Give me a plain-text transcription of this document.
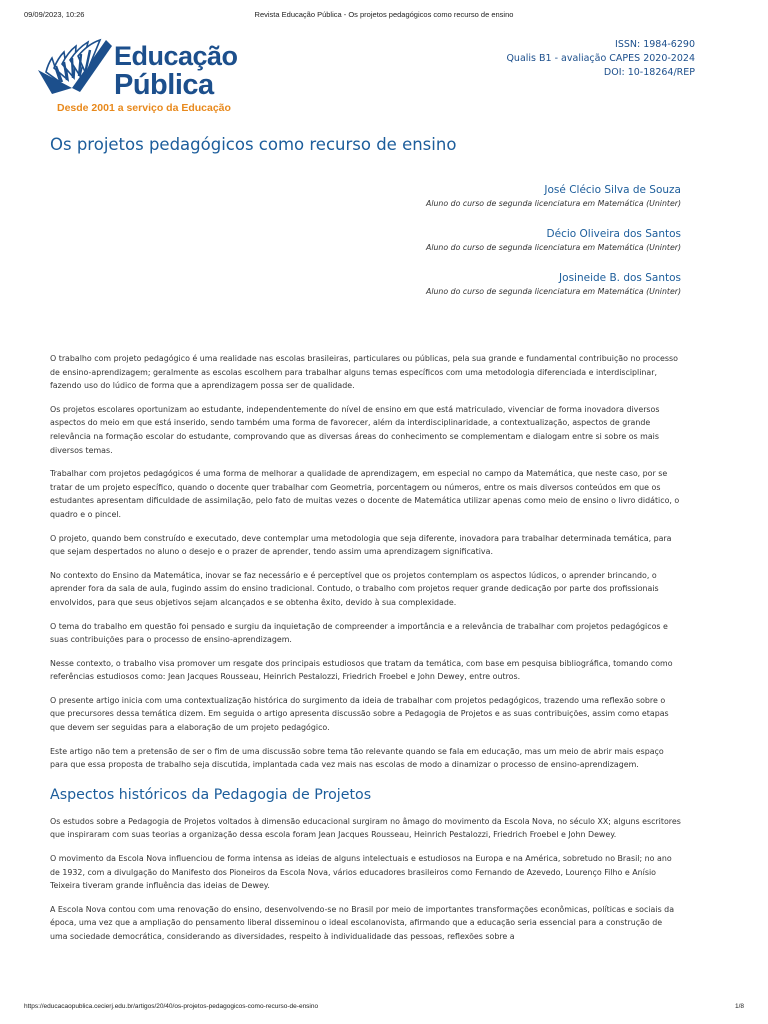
09/09/2023, 10:26	Revista Educação Pública - Os projetos pedagógicos como recurso de ensino
Educação
Pública
Desde 2001 a serviço da Educação
ISSN: 1984-6290
Qualis B1 - avaliação CAPES 2020-2024
DOI: 10-18264/REP
Os projetos pedagógicos como recurso de ensino
José Clécio Silva de Souza
Aluno do curso de segunda licenciatura em Matemática (Uninter)
Décio Oliveira dos Santos
Aluno do curso de segunda licenciatura em Matemática (Uninter)
Josineide B. dos Santos
Aluno do curso de segunda licenciatura em Matemática (Uninter)

O trabalho com projeto pedagógico é uma realidade nas escolas brasileiras, particulares ou públicas, pela sua grande e fundamental contribuição no processo de ensino-aprendizagem; geralmente as escolas escolhem para trabalhar alguns temas específicos com uma metodologia diferenciada e interdisciplinar, fazendo uso do lúdico de forma que a aprendizagem possa ser de qualidade.

Os projetos escolares oportunizam ao estudante, independentemente do nível de ensino em que está matriculado, vivenciar de forma inovadora diversos aspectos do meio em que está inserido, sendo também uma forma de favorecer, além da interdisciplinaridade, a contextualização, aspectos de grande relevância na formação escolar do estudante, comprovando que as diversas áreas do conhecimento se complementam e dialogam entre si sobre os mais diversos temas.

Trabalhar com projetos pedagógicos é uma forma de melhorar a qualidade de aprendizagem, em especial no campo da Matemática, que neste caso, por se tratar de um projeto específico, quando o docente quer trabalhar com Geometria, porcentagem ou números, entre os mais diversos conteúdos em que os estudantes apresentam dificuldade de assimilação, pelo fato de muitas vezes o docente de Matemática utilizar apenas como meio de ensino o livro didático, o quadro e o pincel.

O projeto, quando bem construído e executado, deve contemplar uma metodologia que seja diferente, inovadora para trabalhar determinada temática, para que sejam despertados no aluno o desejo e o prazer de aprender, tendo assim uma aprendizagem significativa.

No contexto do Ensino da Matemática, inovar se faz necessário e é perceptível que os projetos contemplam os aspectos lúdicos, o aprender brincando, o aprender fora da sala de aula, fugindo assim do ensino tradicional. Contudo, o trabalho com projetos requer grande dedicação por parte dos profissionais envolvidos, para que seus objetivos sejam alcançados e se obtenha êxito, devido à sua complexidade.

O tema do trabalho em questão foi pensado e surgiu da inquietação de compreender a importância e a relevância de trabalhar com projetos pedagógicos e suas contribuições para o processo de ensino-aprendizagem.

Nesse contexto, o trabalho visa promover um resgate dos principais estudiosos que tratam da temática, com base em pesquisa bibliográfica, tomando como referências estudiosos como: Jean Jacques Rousseau, Heinrich Pestalozzi, Friedrich Froebel e John Dewey, entre outros.

O presente artigo inicia com uma contextualização histórica do surgimento da ideia de trabalhar com projetos pedagógicos, trazendo uma reflexão sobre o que precursores dessa temática dizem. Em seguida o artigo apresenta discussão sobre a Pedagogia de Projetos e as suas contribuições, assim como etapas que devem ser seguidas para a elaboração de um projeto pedagógico.

Este artigo não tem a pretensão de ser o fim de uma discussão sobre tema tão relevante quando se fala em educação, mas um meio de abrir mais espaço para que essa proposta de trabalho seja discutida, implantada cada vez mais nas escolas de modo a dinamizar o processo de ensino-aprendizagem.

Aspectos históricos da Pedagogia de Projetos

Os estudos sobre a Pedagogia de Projetos voltados à dimensão educacional surgiram no âmago do movimento da Escola Nova, no século XX; alguns escritores que inspiraram com suas teorias a organização dessa escola foram Jean Jacques Rousseau, Heinrich Pestalozzi, Friedrich Froebel e John Dewey.

O movimento da Escola Nova influenciou de forma intensa as ideias de alguns intelectuais e estudiosos na Europa e na América, sobretudo no Brasil; no ano de 1932, com a divulgação do Manifesto dos Pioneiros da Escola Nova, vários educadores brasileiros como Fernando de Azevedo, Lourenço Filho e Anísio Teixeira tiveram grande influência das ideias de Dewey.

A Escola Nova contou com uma renovação do ensino, desenvolvendo-se no Brasil por meio de importantes transformações econômicas, políticas e sociais da época, uma vez que a ampliação do pensamento liberal disseminou o ideal escolanovista, afirmando que a educação seria essencial para a construção de uma sociedade democrática, considerando as diversidades, respeito à individualidade das pessoas, reflexões sobre a

https://educacaopublica.cecierj.edu.br/artigos/20/40/os-projetos-pedagogicos-como-recurso-de-ensino	1/8
